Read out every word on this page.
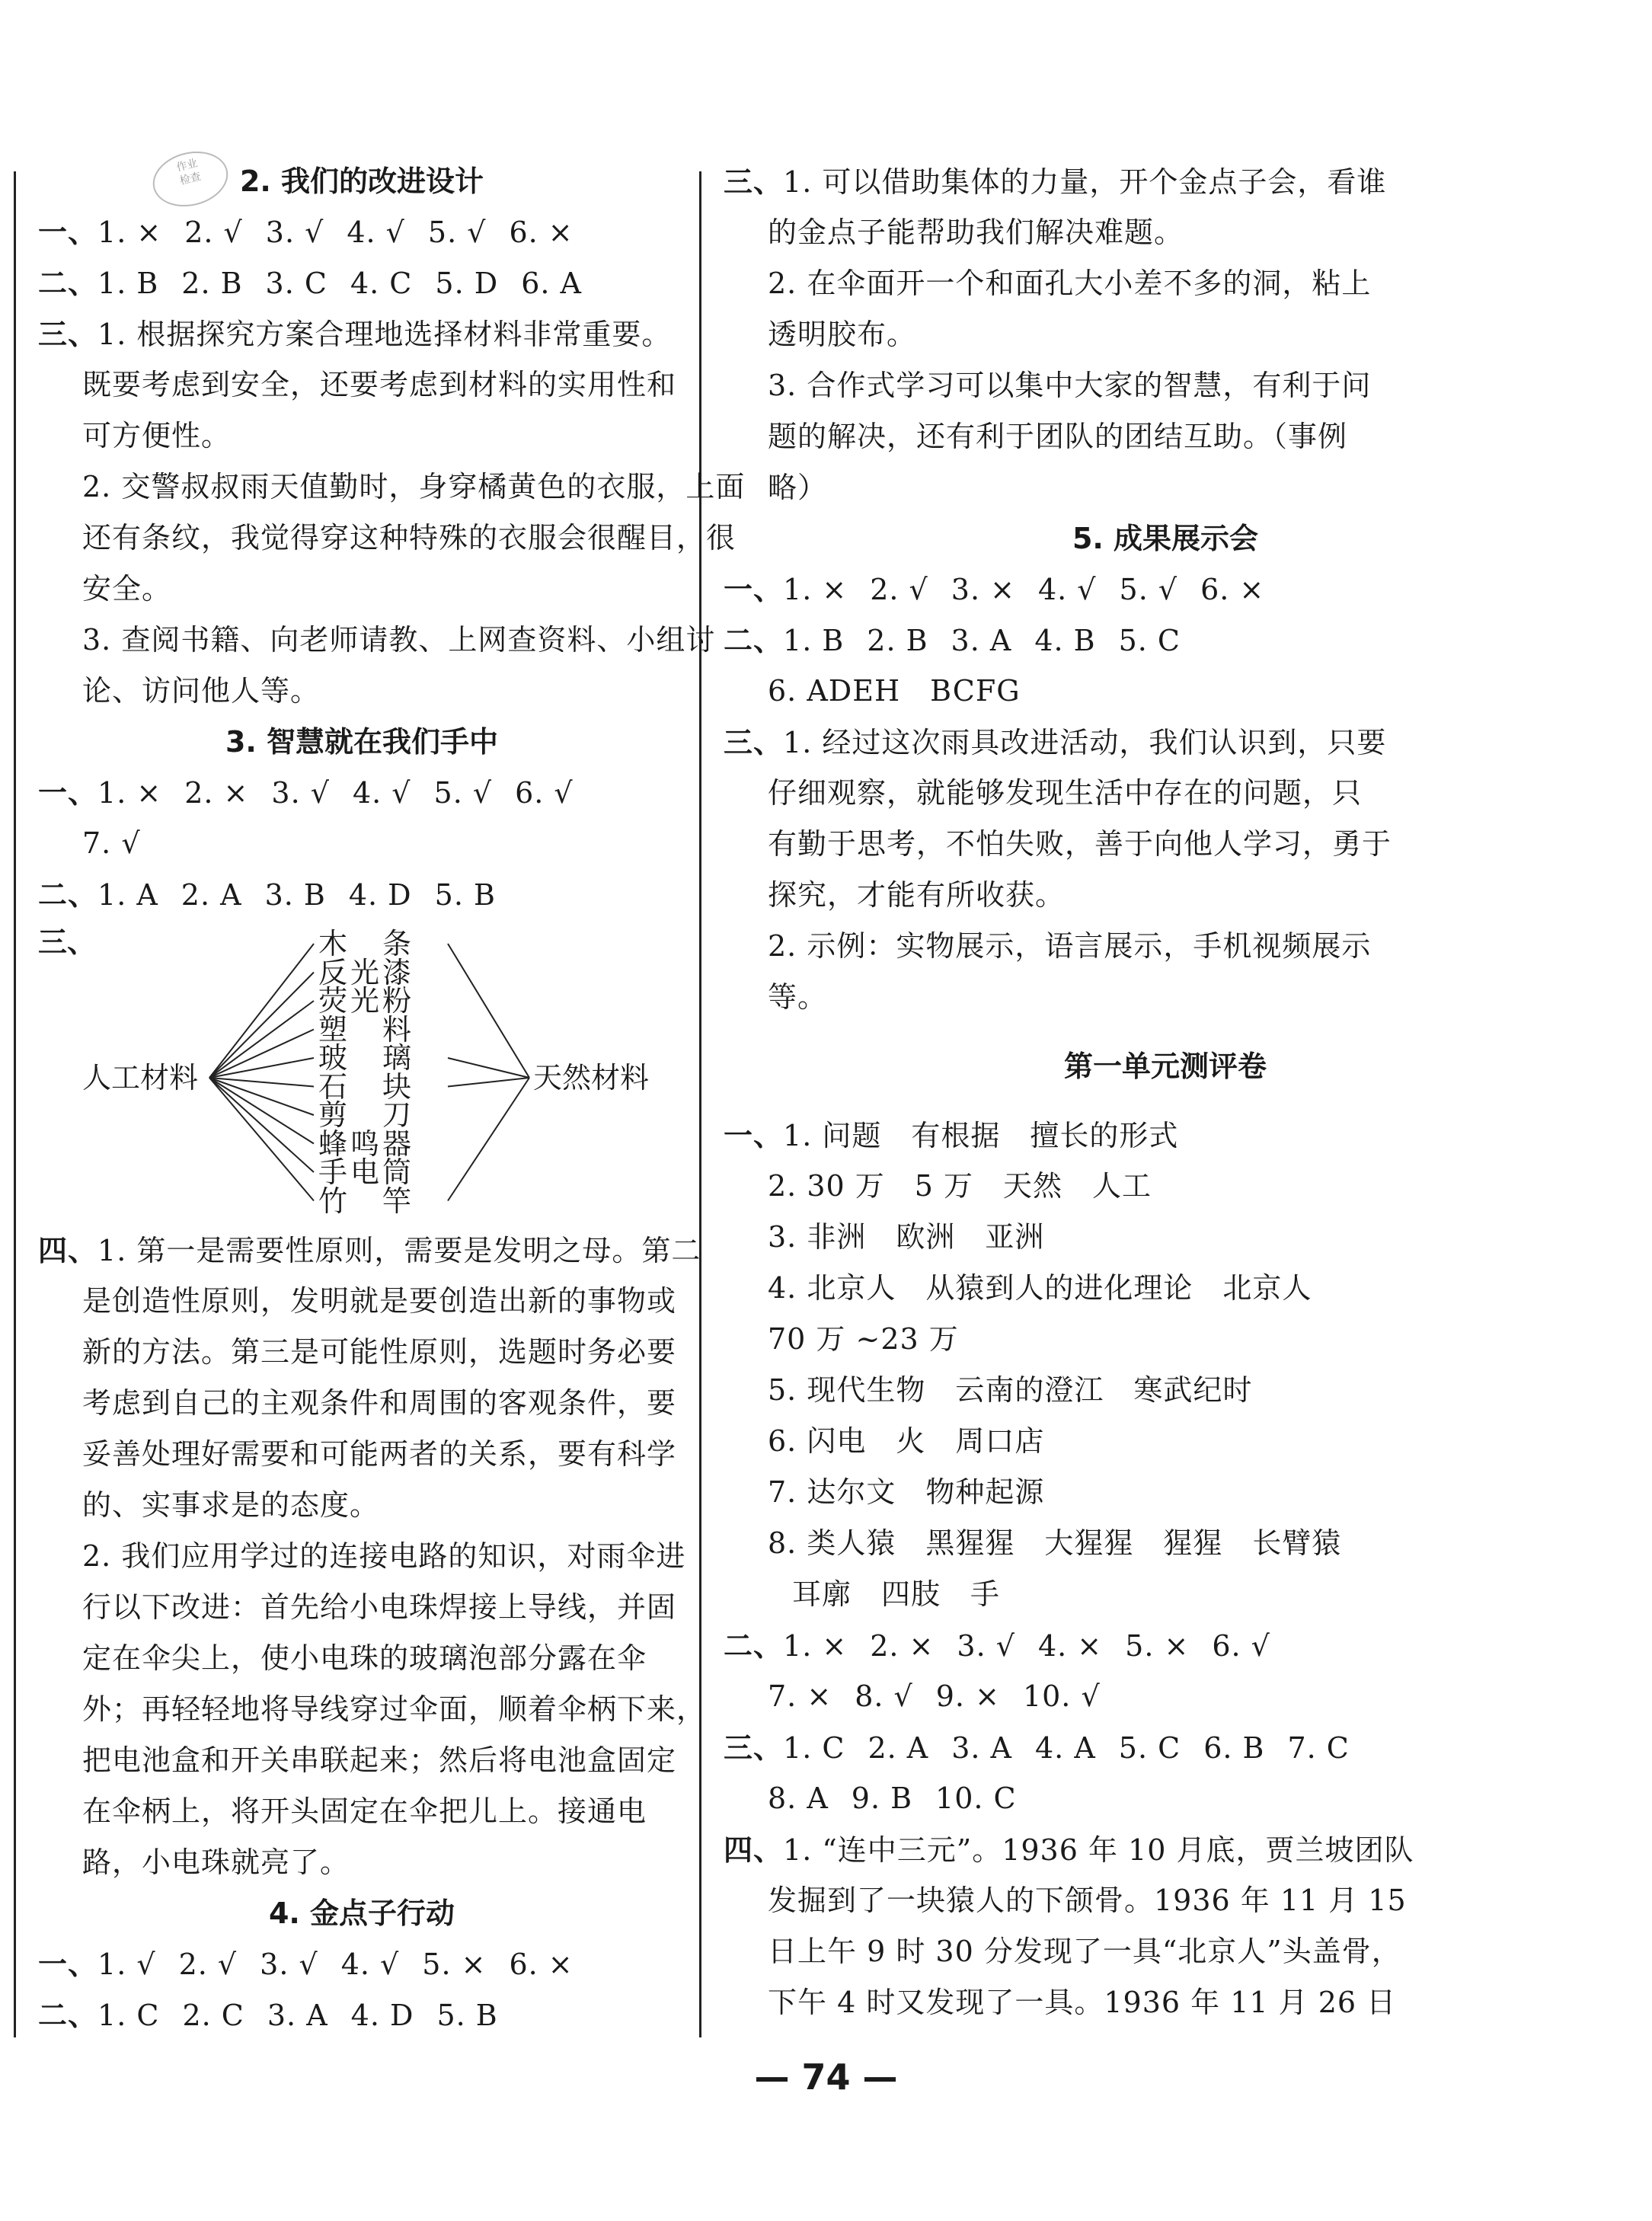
作业
检查	2. 我们的改进设计
一、1. × 2. √ 3. √ 4. √ 5. √ 6. ×
二、1. B 2. B 3. C 4. C 5. D 6. A
三、1. 根据探究方案合理地选择材料非常重要。
既要考虑到安全，还要考虑到材料的实用性和
可方便性。
2. 交警叔叔雨天值勤时，身穿橘黄色的衣服，上面
还有条纹，我觉得穿这种特殊的衣服会很醒目，很
安全。
3. 查阅书籍、向老师请教、上网查资料、小组讨
论、访问他人等。
3. 智慧就在我们手中
一、1. × 2. × 3. √ 4. √ 5. √ 6. √
7. √
二、1. A 2. A 3. B 4. D 5. B
三、
人工材料	天然材料
木　条
反光漆
荧光粉
塑　料
玻　璃
石　块
剪　刀
蜂鸣器
手电筒
竹　竿
四、1. 第一是需要性原则，需要是发明之母。第二
是创造性原则，发明就是要创造出新的事物或
新的方法。第三是可能性原则，选题时务必要
考虑到自己的主观条件和周围的客观条件，要
妥善处理好需要和可能两者的关系，要有科学
的、实事求是的态度。
2. 我们应用学过的连接电路的知识，对雨伞进
行以下改进：首先给小电珠焊接上导线，并固
定在伞尖上，使小电珠的玻璃泡部分露在伞
外；再轻轻地将导线穿过伞面，顺着伞柄下来，
把电池盒和开关串联起来；然后将电池盒固定
在伞柄上，将开头固定在伞把儿上。接通电
路，小电珠就亮了。
4. 金点子行动
一、1. √ 2. √ 3. √ 4. √ 5. × 6. ×
二、1. C 2. C 3. A 4. D 5. B
三、1. 可以借助集体的力量，开个金点子会，看谁
的金点子能帮助我们解决难题。
2. 在伞面开一个和面孔大小差不多的洞，粘上
透明胶布。
3. 合作式学习可以集中大家的智慧，有利于问
题的解决，还有利于团队的团结互助。（事例
略）
5. 成果展示会
一、1. × 2. √ 3. × 4. √ 5. √ 6. ×
二、1. B 2. B 3. A 4. B 5. C
6. ADEH　BCFG
三、1. 经过这次雨具改进活动，我们认识到，只要
仔细观察，就能够发现生活中存在的问题，只
有勤于思考，不怕失败，善于向他人学习，勇于
探究，才能有所收获。
2. 示例：实物展示，语言展示，手机视频展示
等。
第一单元测评卷
一、1. 问题　有根据　擅长的形式
2. 30 万　5 万　天然　人工
3. 非洲　欧洲　亚洲
4. 北京人　从猿到人的进化理论　北京人
70 万 ~23 万
5. 现代生物　云南的澄江　寒武纪时
6. 闪电　火　周口店
7. 达尔文　物种起源
8. 类人猿　黑猩猩　大猩猩　猩猩　长臂猿
耳廓　四肢　手
二、1. × 2. × 3. √ 4. × 5. × 6. √
7. × 8. √ 9. × 10. √
三、1. C 2. A 3. A 4. A 5. C 6. B 7. C
8. A 9. B 10. C
四、1. “连中三元”。1936 年 10 月底，贾兰坡团队
发掘到了一块猿人的下颌骨。1936 年 11 月 15
日上午 9 时 30 分发现了一具“北京人”头盖骨，
下午 4 时又发现了一具。1936 年 11 月 26 日
— 74 —
